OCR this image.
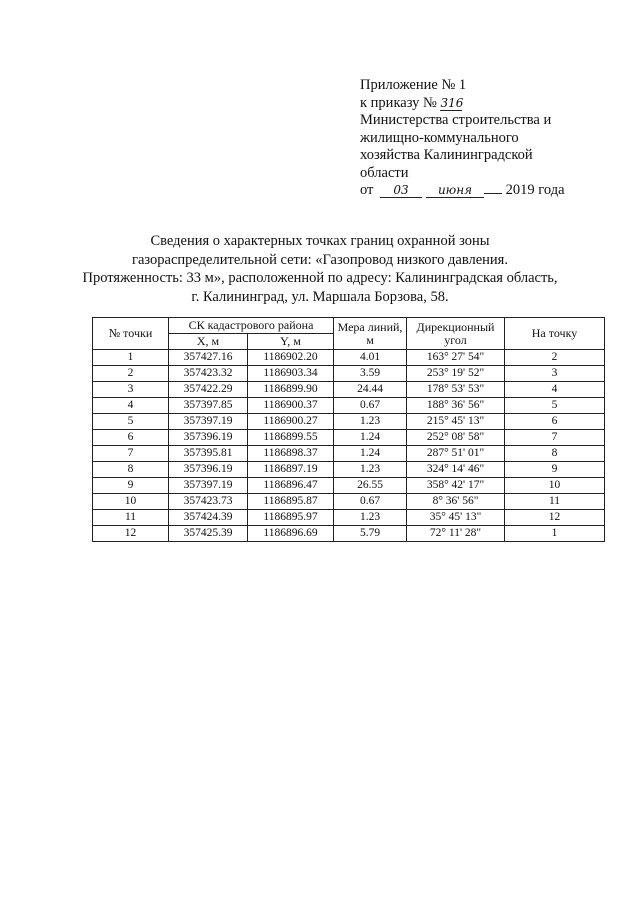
Приложение № 1
к приказу № 316
Министерства строительства и
жилищно-коммунального
хозяйства Калининградской
области
от 03 июня 2019 года
Сведения о характерных точках границ охранной зоны
газораспределительной сети: «Газопровод низкого давления.
Протяженность: 33 м», расположенной по адресу: Калининградская область,
г. Калининград, ул. Маршала Борзова, 58.
№ точки	СК кадастрового района		Мера линий, м	Дирекционный угол	На точку
	X, м	Y, м			
1	357427.16	1186902.20	4.01	163° 27' 54"	2
2	357423.32	1186903.34	3.59	253° 19' 52"	3
3	357422.29	1186899.90	24.44	178° 53' 53"	4
4	357397.85	1186900.37	0.67	188° 36' 56"	5
5	357397.19	1186900.27	1.23	215° 45' 13"	6
6	357396.19	1186899.55	1.24	252° 08' 58"	7
7	357395.81	1186898.37	1.24	287° 51' 01"	8
8	357396.19	1186897.19	1.23	324° 14' 46"	9
9	357397.19	1186896.47	26.55	358° 42' 17"	10
10	357423.73	1186895.87	0.67	8° 36' 56"	11
11	357424.39	1186895.97	1.23	35° 45' 13"	12
12	357425.39	1186896.69	5.79	72° 11' 28"	1
